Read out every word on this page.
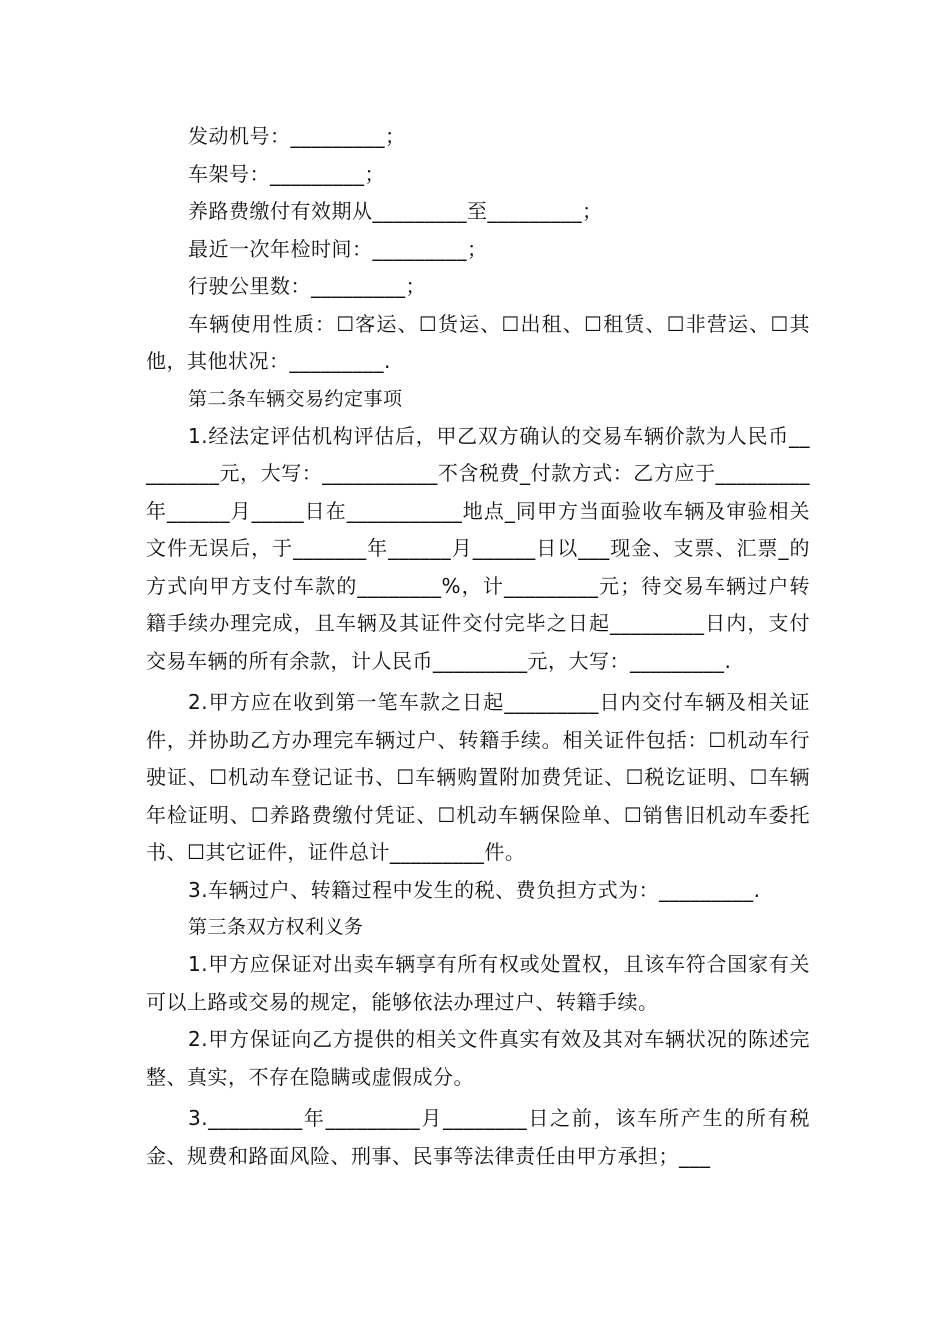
发动机号：_________；

车架号：_________；

养路费缴付有效期从_________至_________；

最近一次年检时间：_________；

行驶公里数：_________；

车辆使用性质：☐客运、☐货运、☐出租、☐租赁、☐非营运、☐其他，其他状况：_________.

第二条车辆交易约定事项

1.经法定评估机构评估后，甲乙双方确认的交易车辆价款为人民币_________元，大写：___________不含税费_付款方式：乙方应于_________年______月_____日在___________地点_同甲方当面验收车辆及审验相关文件无误后，于_______年______月______日以___现金、支票、汇票_的方式向甲方支付车款的________%，计_________元；待交易车辆过户转籍手续办理完成，且车辆及其证件交付完毕之日起_________日内，支付交易车辆的所有余款，计人民币_________元，大写：_________.

2.甲方应在收到第一笔车款之日起_________日内交付车辆及相关证件，并协助乙方办理完车辆过户、转籍手续。相关证件包括：☐机动车行驶证、☐机动车登记证书、☐车辆购置附加费凭证、☐税讫证明、☐车辆年检证明、☐养路费缴付凭证、☐机动车辆保险单、☐销售旧机动车委托书、☐其它证件，证件总计_________件。

3.车辆过户、转籍过程中发生的税、费负担方式为：_________.

第三条双方权利义务

1.甲方应保证对出卖车辆享有所有权或处置权，且该车符合国家有关可以上路或交易的规定，能够依法办理过户、转籍手续。

2.甲方保证向乙方提供的相关文件真实有效及其对车辆状况的陈述完整、真实，不存在隐瞒或虚假成分。

3._________年_________月________日之前，该车所产生的所有税金、规费和路面风险、刑事、民事等法律责任由甲方承担；___
